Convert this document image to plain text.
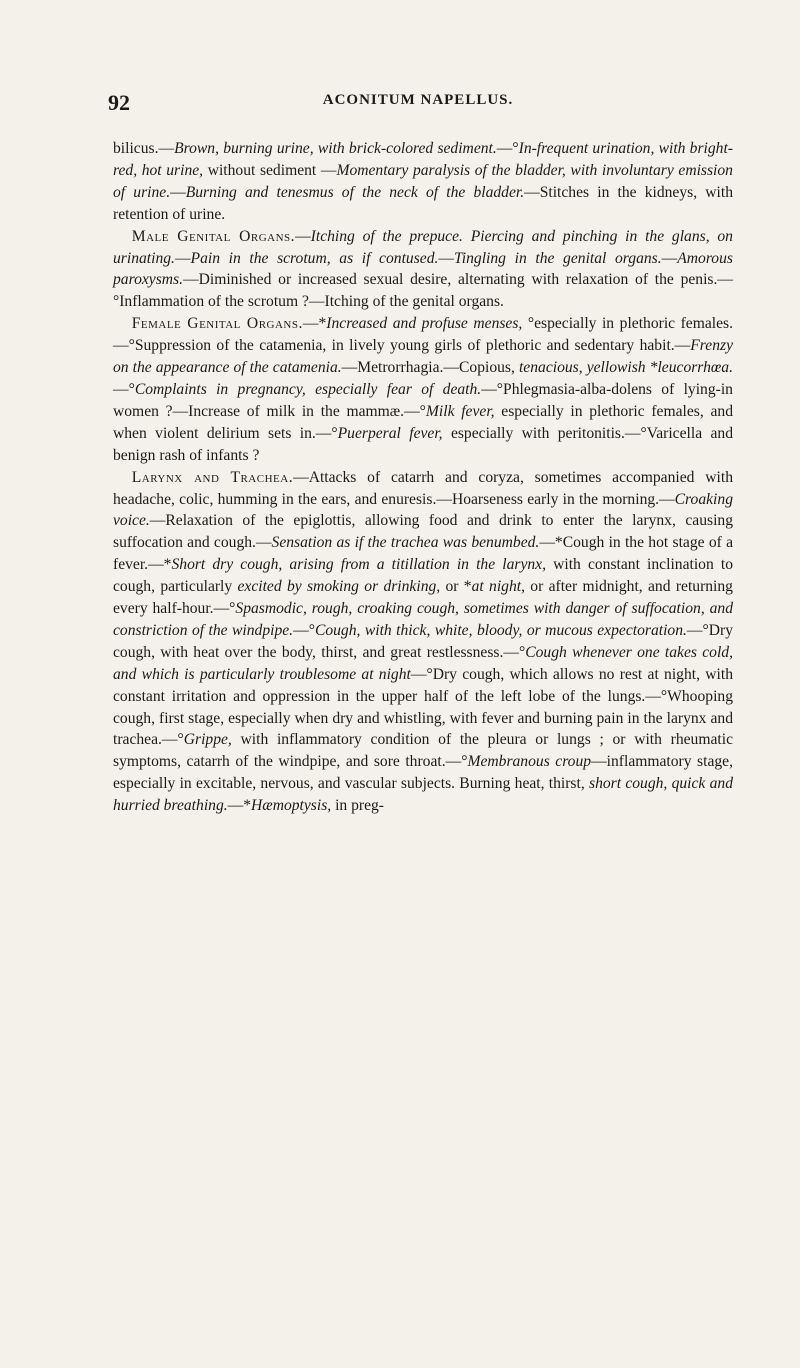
92	ACONITUM NAPELLUS.

bilicus.—Brown, burning urine, with brick-colored sediment.—°In-frequent urination, with bright-red, hot urine, without sediment —Momentary paralysis of the bladder, with involuntary emission of urine.—Burning and tenesmus of the neck of the bladder.—Stitches in the kidneys, with retention of urine.

Male Genital Organs.—Itching of the prepuce. Piercing and pinching in the glans, on urinating.—Pain in the scrotum, as if contused.—Tingling in the genital organs.—Amorous paroxysms.—Diminished or increased sexual desire, alternating with relaxation of the penis.—°Inflammation of the scrotum ?—Itching of the genital organs.

Female Genital Organs.—*Increased and profuse menses, °especially in plethoric females.—°Suppression of the catamenia, in lively young girls of plethoric and sedentary habit.—Frenzy on the appearance of the catamenia.—Metrorrhagia.—Copious, tenacious, yellowish *leucorrhœa.—°Complaints in pregnancy, especially fear of death.—°Phlegmasia-alba-dolens of lying-in women ?—Increase of milk in the mammæ.—°Milk fever, especially in plethoric females, and when violent delirium sets in.—°Puerperal fever, especially with peritonitis.—°Varicella and benign rash of infants ?

Larynx and Trachea.—Attacks of catarrh and coryza, sometimes accompanied with headache, colic, humming in the ears, and enuresis.—Hoarseness early in the morning.—Croaking voice.—Relaxation of the epiglottis, allowing food and drink to enter the larynx, causing suffocation and cough.—Sensation as if the trachea was benumbed.—*Cough in the hot stage of a fever.—*Short dry cough, arising from a titillation in the larynx, with constant inclination to cough, particularly excited by smoking or drinking, or *at night, or after midnight, and returning every half-hour.—°Spasmodic, rough, croaking cough, sometimes with danger of suffocation, and constriction of the windpipe.—°Cough, with thick, white, bloody, or mucous expectoration.—°Dry cough, with heat over the body, thirst, and great restlessness.—°Cough whenever one takes cold, and which is particularly troublesome at night—°Dry cough, which allows no rest at night, with constant irritation and oppression in the upper half of the left lobe of the lungs.—°Whooping cough, first stage, especially when dry and whistling, with fever and burning pain in the larynx and trachea.—°Grippe, with inflammatory condition of the pleura or lungs ; or with rheumatic symptoms, catarrh of the windpipe, and sore throat.—°Membranous croup—inflammatory stage, especially in excitable, nervous, and vascular subjects. Burning heat, thirst, short cough, quick and hurried breathing.—*Hæmoptysis, in preg-
